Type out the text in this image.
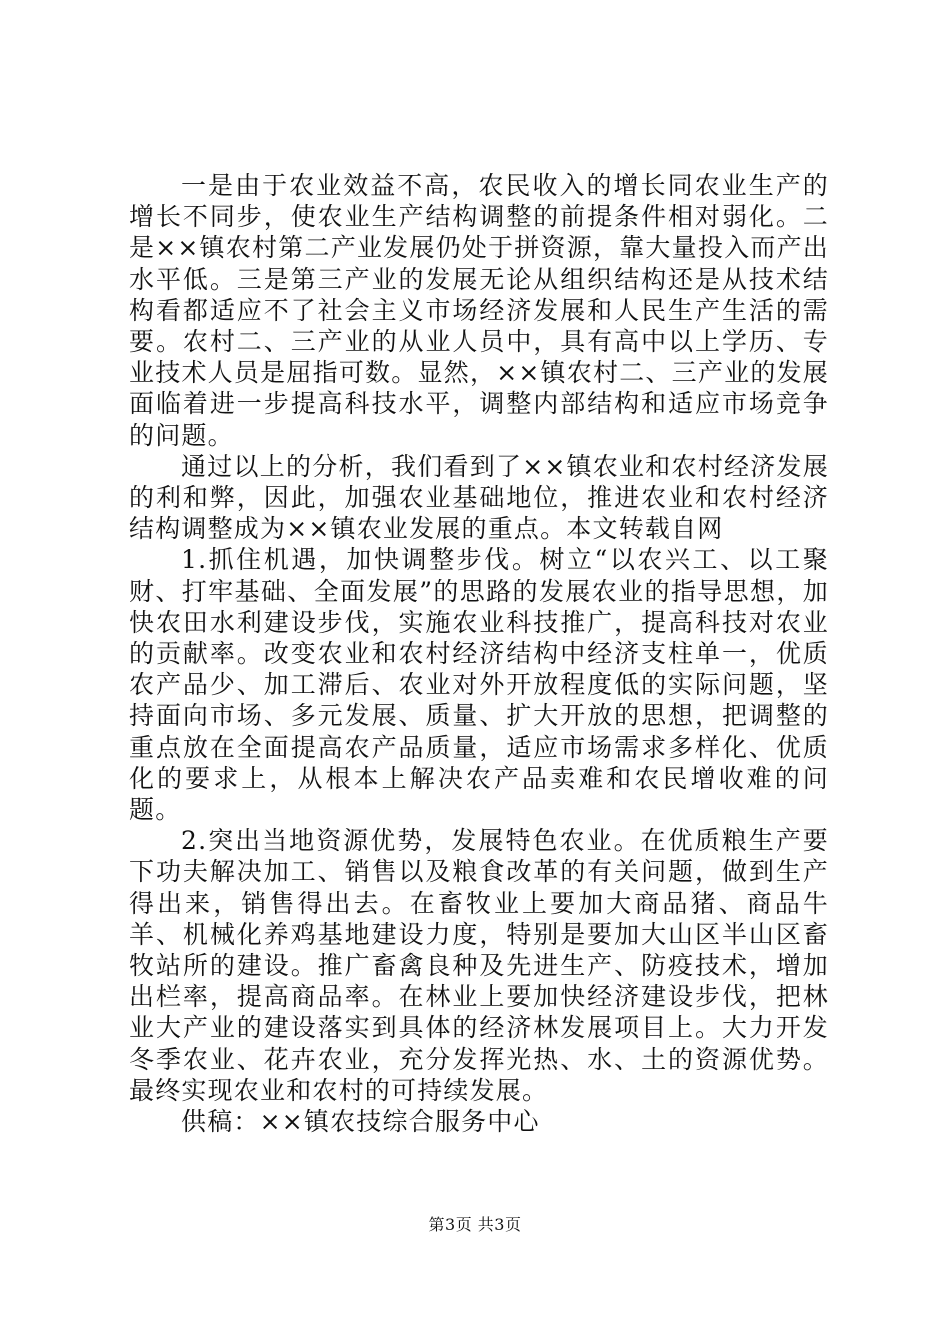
一是由于农业效益不高，农民收入的增长同农业生产的增长不同步，使农业生产结构调整的前提条件相对弱化。二是××镇农村第二产业发展仍处于拼资源，靠大量投入而产出水平低。三是第三产业的发展无论从组织结构还是从技术结构看都适应不了社会主义市场经济发展和人民生产生活的需要。农村二、三产业的从业人员中，具有高中以上学历、专业技术人员是屈指可数。显然，××镇农村二、三产业的发展面临着进一步提高科技水平，调整内部结构和适应市场竞争的问题。

通过以上的分析，我们看到了××镇农业和农村经济发展的利和弊，因此，加强农业基础地位，推进农业和农村经济结构调整成为××镇农业发展的重点。本文转载自网

1.抓住机遇，加快调整步伐。树立“以农兴工、以工聚财、打牢基础、全面发展”的思路的发展农业的指导思想，加快农田水利建设步伐，实施农业科技推广，提高科技对农业的贡献率。改变农业和农村经济结构中经济支柱单一，优质农产品少、加工滞后、农业对外开放程度低的实际问题，坚持面向市场、多元发展、质量、扩大开放的思想，把调整的重点放在全面提高农产品质量，适应市场需求多样化、优质化的要求上，从根本上解决农产品卖难和农民增收难的问题。

2.突出当地资源优势，发展特色农业。在优质粮生产要下功夫解决加工、销售以及粮食改革的有关问题，做到生产得出来，销售得出去。在畜牧业上要加大商品猪、商品牛羊、机械化养鸡基地建设力度，特别是要加大山区半山区畜牧站所的建设。推广畜禽良种及先进生产、防疫技术，增加出栏率，提高商品率。在林业上要加快经济建设步伐，把林业大产业的建设落实到具体的经济林发展项目上。大力开发冬季农业、花卉农业，充分发挥光热、水、土的资源优势。最终实现农业和农村的可持续发展。

供稿：××镇农技综合服务中心

第3页 共3页
